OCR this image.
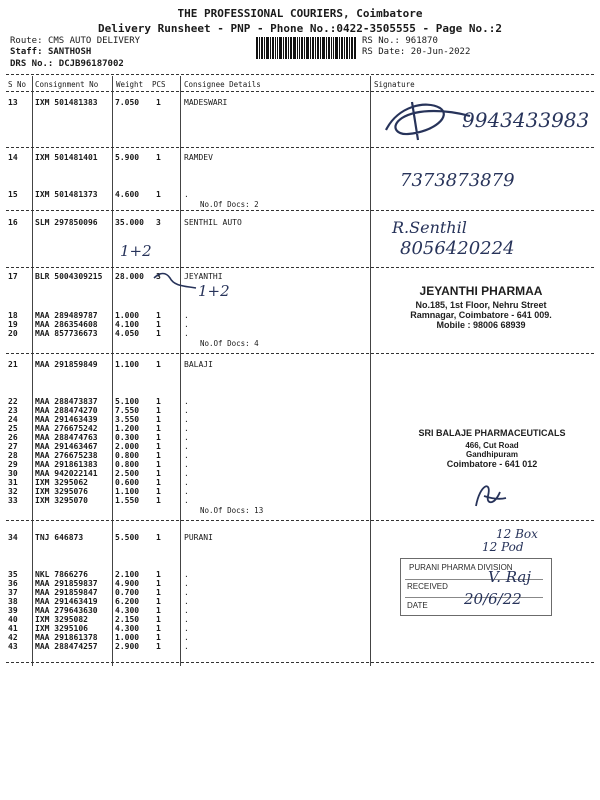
THE PROFESSIONAL COURIERS, Coimbatore
Delivery Runsheet - PNP - Phone No.:0422-3505555 - Page No.:2
Route: CMS AUTO DELIVERY
Staff: SANTHOSH
DRS No.: DCJB96187002
RS No.: 961870
RS Date: 20-Jun-2022
S No Consignment No Weight PCS Consignee Details	Signature
13 IXM 501481383 7.050 1	MADESWARI
14 IXM 501481401 5.900 1	RAMDEV
15 IXM 501481373 4.600 1	.
No.Of Docs: 2
16 SLM 297850096 35.000 3	SENTHIL AUTO
17 BLR 5004309215 28.000 3	JEYANTHI
18 MAA 289489787 1.000 1	.
19 MAA 286354608 4.100 1	.
20 MAA 857736673 4.050 1	.
No.Of Docs: 4
21 MAA 291859849 1.100 1	BALAJI
22 MAA 288473837 5.100 1	.
23 MAA 288474270 7.550 1	.
24 MAA 291463439 3.550 1	.
25 MAA 276675242 1.200 1	.
26 MAA 288474763 0.300 1	.
27 MAA 291463467 2.000 1	.
28 MAA 276675238 0.800 1	.
29 MAA 291861383 0.800 1	.
30 MAA 942022141 2.500 1	.
31 IXM 3295062	0.600 1	.
32 IXM 3295076	1.100 1	.
33 IXM 3295070	1.550 1	.
No.Of Docs: 13
34 TNJ 646873	5.500 1	PURANI
35 NKL 7866276	2.100 1	.
36 MAA 291859837 4.900 1	.
37 MAA 291859847 0.700 1	.
38 MAA 291463419 6.200 1	.
39 MAA 279643630 4.300 1	.
40 IXM 3295082	2.150 1	.
41 IXM 3295106	4.300 1	.
42 MAA 291861378 1.000 1	.
43 MAA 288474257 2.900 1	.
9943433983
7373873879
R.Senthil
8056420224
1+2
1+2
12 Box
12 Pod
JEYANTHI PHARMAA
No.185, 1st Floor, Nehru Street
Ramnagar, Coimbatore - 641 009.
Mobile : 98006 68939
SRI BALAJE PHARMACEUTICALS
466, Cut Road
Gandhipuram
Coimbatore - 641 012
PURANI PHARMA DIVISION
RECEIVED
DATE
V. Raj
20/6/22
